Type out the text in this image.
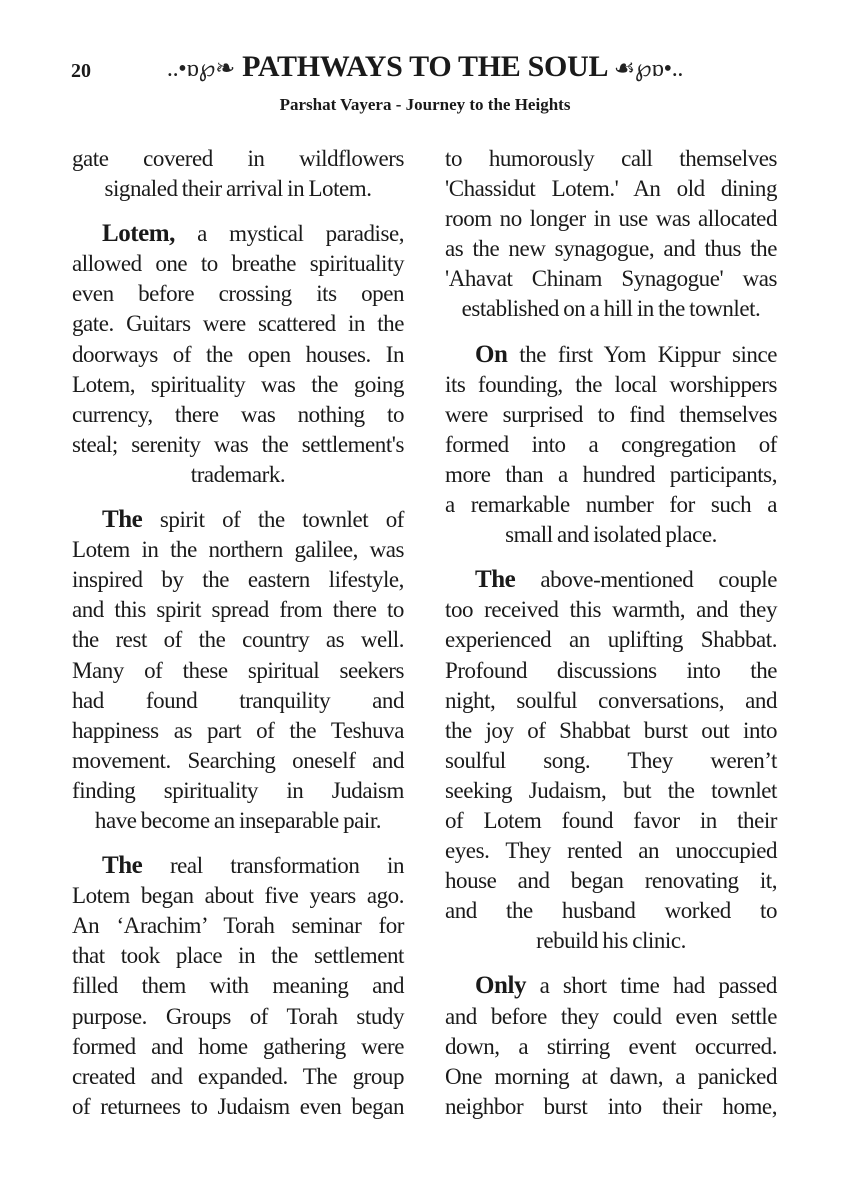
20	..•ɒ℘❧ PATHWAYS TO THE SOUL ☙℘ɒ•..
Parshat Vayera - Journey to the Heights
gate covered in wildflowers
signaled their arrival in Lotem.
Lotem, a mystical paradise,
allowed one to breathe spirituality
even before crossing its open
gate. Guitars were scattered in the
doorways of the open houses. In
Lotem, spirituality was the going
currency, there was nothing to
steal; serenity was the settlement's
trademark.
The spirit of the townlet of
Lotem in the northern galilee, was
inspired by the eastern lifestyle,
and this spirit spread from there to
the rest of the country as well.
Many of these spiritual seekers
had found tranquility and
happiness as part of the Teshuva
movement. Searching oneself and
finding spirituality in Judaism
have become an inseparable pair.
The real transformation in
Lotem began about five years ago.
An ‘Arachim’ Torah seminar for
that took place in the settlement
filled them with meaning and
purpose. Groups of Torah study
formed and home gathering were
created and expanded. The group
of returnees to Judaism even began
to humorously call themselves
'Chassidut Lotem.' An old dining
room no longer in use was allocated
as the new synagogue, and thus the
'Ahavat Chinam Synagogue' was
established on a hill in the townlet.
On the first Yom Kippur since
its founding, the local worshippers
were surprised to find themselves
formed into a congregation of
more than a hundred participants,
a remarkable number for such a
small and isolated place.
The above-mentioned couple
too received this warmth, and they
experienced an uplifting Shabbat.
Profound discussions into the
night, soulful conversations, and
the joy of Shabbat burst out into
soulful song. They weren’t
seeking Judaism, but the townlet
of Lotem found favor in their
eyes. They rented an unoccupied
house and began renovating it,
and the husband worked to
rebuild his clinic.
Only a short time had passed
and before they could even settle
down, a stirring event occurred.
One morning at dawn, a panicked
neighbor burst into their home,
